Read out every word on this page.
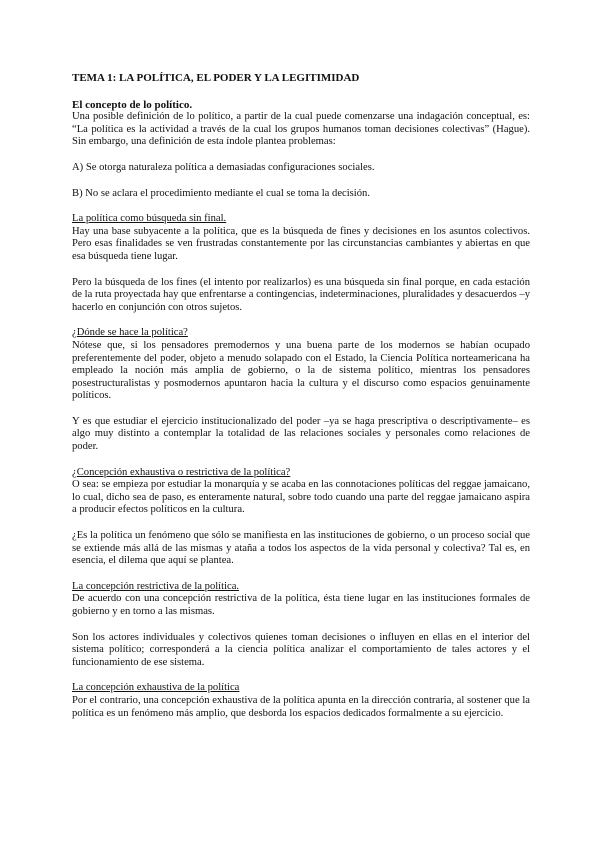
TEMA 1: LA POLÍTICA, EL PODER Y LA LEGITIMIDAD
El concepto de lo político.

Una posible definición de lo político, a partir de la cual puede comenzarse una indagación conceptual, es: “La política es la actividad a través de la cual los grupos humanos toman decisiones colectivas” (Hague). Sin embargo, una definición de esta índole plantea problemas:

A) Se otorga naturaleza política a demasiadas configuraciones sociales.

B) No se aclara el procedimiento mediante el cual se toma la decisión.

La política como búsqueda sin final.

Hay una base subyacente a la política, que es la búsqueda de fines y decisiones en los asuntos colectivos. Pero esas finalidades se ven frustradas constantemente por las circunstancias cambiantes y abiertas en que esa búsqueda tiene lugar.

Pero la búsqueda de los fines (el intento por realizarlos) es una búsqueda sin final porque, en cada estación de la ruta proyectada hay que enfrentarse a contingencias, indeterminaciones, pluralidades y desacuerdos –y hacerlo en conjunción con otros sujetos.

¿Dónde se hace la política?

Nótese que, si los pensadores premodernos y una buena parte de los modernos se habían ocupado preferentemente del poder, objeto a menudo solapado con el Estado, la Ciencia Política norteamericana ha empleado la noción más amplia de gobierno, o la de sistema político, mientras los pensadores posestructuralistas y posmodernos apuntaron hacia la cultura y el discurso como espacios genuinamente políticos.

Y es que estudiar el ejercicio institucionalizado del poder –ya se haga prescriptiva o descriptivamente– es algo muy distinto a contemplar la totalidad de las relaciones sociales y personales como relaciones de poder.

¿Concepción exhaustiva o restrictiva de la política?

O sea: se empieza por estudiar la monarquía y se acaba en las connotaciones políticas del reggae jamaicano, lo cual, dicho sea de paso, es enteramente natural, sobre todo cuando una parte del reggae jamaicano aspira a producir efectos políticos en la cultura.

¿Es la política un fenómeno que sólo se manifiesta en las instituciones de gobierno, o un proceso social que se extiende más allá de las mismas y ataña a todos los aspectos de la vida personal y colectiva? Tal es, en esencia, el dilema que aquí se plantea.

La concepción restrictiva de la política.

De acuerdo con una concepción restrictiva de la política, ésta tiene lugar en las instituciones formales de gobierno y en torno a las mismas.

Son los actores individuales y colectivos quienes toman decisiones o influyen en ellas en el interior del sistema político; corresponderá a la ciencia política analizar el comportamiento de tales actores y el funcionamiento de ese sistema.

La concepción exhaustiva de la política

Por el contrario, una concepción exhaustiva de la política apunta en la dirección contraria, al sostener que la política es un fenómeno más amplio, que desborda los espacios dedicados formalmente a su ejercicio.
